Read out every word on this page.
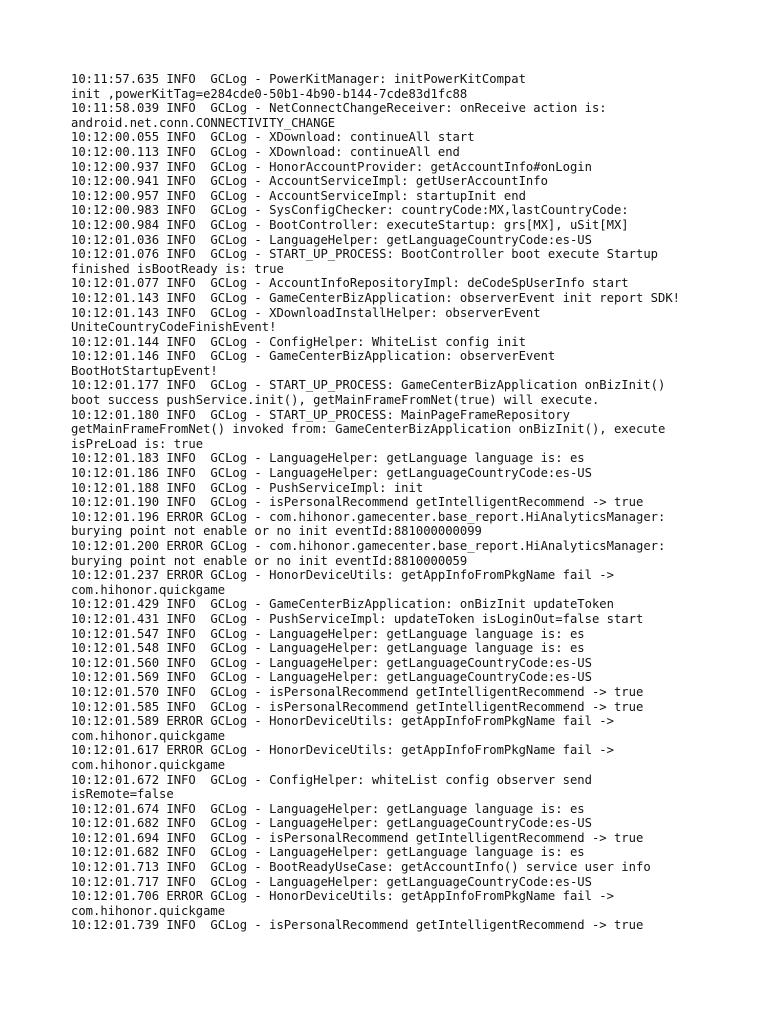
10:11:57.635 INFO  GCLog - PowerKitManager: initPowerKitCompat
init ,powerKitTag=e284cde0-50b1-4b90-b144-7cde83d1fc88
10:11:58.039 INFO  GCLog - NetConnectChangeReceiver: onReceive action is:
android.net.conn.CONNECTIVITY_CHANGE
10:12:00.055 INFO  GCLog - XDownload: continueAll start
10:12:00.113 INFO  GCLog - XDownload: continueAll end
10:12:00.937 INFO  GCLog - HonorAccountProvider: getAccountInfo#onLogin
10:12:00.941 INFO  GCLog - AccountServiceImpl: getUserAccountInfo
10:12:00.957 INFO  GCLog - AccountServiceImpl: startupInit end
10:12:00.983 INFO  GCLog - SysConfigChecker: countryCode:MX,lastCountryCode:
10:12:00.984 INFO  GCLog - BootController: executeStartup: grs[MX], uSit[MX]
10:12:01.036 INFO  GCLog - LanguageHelper: getLanguageCountryCode:es-US
10:12:01.076 INFO  GCLog - START_UP_PROCESS: BootController boot execute Startup
finished isBootReady is: true
10:12:01.077 INFO  GCLog - AccountInfoRepositoryImpl: deCodeSpUserInfo start
10:12:01.143 INFO  GCLog - GameCenterBizApplication: observerEvent init report SDK!
10:12:01.143 INFO  GCLog - XDownloadInstallHelper: observerEvent
UniteCountryCodeFinishEvent!
10:12:01.144 INFO  GCLog - ConfigHelper: WhiteList config init
10:12:01.146 INFO  GCLog - GameCenterBizApplication: observerEvent
BootHotStartupEvent!
10:12:01.177 INFO  GCLog - START_UP_PROCESS: GameCenterBizApplication onBizInit()
boot success pushService.init(), getMainFrameFromNet(true) will execute.
10:12:01.180 INFO  GCLog - START_UP_PROCESS: MainPageFrameRepository
getMainFrameFromNet() invoked from: GameCenterBizApplication onBizInit(), execute
isPreLoad is: true
10:12:01.183 INFO  GCLog - LanguageHelper: getLanguage language is: es
10:12:01.186 INFO  GCLog - LanguageHelper: getLanguageCountryCode:es-US
10:12:01.188 INFO  GCLog - PushServiceImpl: init
10:12:01.190 INFO  GCLog - isPersonalRecommend getIntelligentRecommend -> true
10:12:01.196 ERROR GCLog - com.hihonor.gamecenter.base_report.HiAnalyticsManager:
burying point not enable or no init eventId:881000000099
10:12:01.200 ERROR GCLog - com.hihonor.gamecenter.base_report.HiAnalyticsManager:
burying point not enable or no init eventId:8810000059
10:12:01.237 ERROR GCLog - HonorDeviceUtils: getAppInfoFromPkgName fail ->
com.hihonor.quickgame
10:12:01.429 INFO  GCLog - GameCenterBizApplication: onBizInit updateToken
10:12:01.431 INFO  GCLog - PushServiceImpl: updateToken isLoginOut=false start
10:12:01.547 INFO  GCLog - LanguageHelper: getLanguage language is: es
10:12:01.548 INFO  GCLog - LanguageHelper: getLanguage language is: es
10:12:01.560 INFO  GCLog - LanguageHelper: getLanguageCountryCode:es-US
10:12:01.569 INFO  GCLog - LanguageHelper: getLanguageCountryCode:es-US
10:12:01.570 INFO  GCLog - isPersonalRecommend getIntelligentRecommend -> true
10:12:01.585 INFO  GCLog - isPersonalRecommend getIntelligentRecommend -> true
10:12:01.589 ERROR GCLog - HonorDeviceUtils: getAppInfoFromPkgName fail ->
com.hihonor.quickgame
10:12:01.617 ERROR GCLog - HonorDeviceUtils: getAppInfoFromPkgName fail ->
com.hihonor.quickgame
10:12:01.672 INFO  GCLog - ConfigHelper: whiteList config observer send
isRemote=false
10:12:01.674 INFO  GCLog - LanguageHelper: getLanguage language is: es
10:12:01.682 INFO  GCLog - LanguageHelper: getLanguageCountryCode:es-US
10:12:01.694 INFO  GCLog - isPersonalRecommend getIntelligentRecommend -> true
10:12:01.682 INFO  GCLog - LanguageHelper: getLanguage language is: es
10:12:01.713 INFO  GCLog - BootReadyUseCase: getAccountInfo() service user info
10:12:01.717 INFO  GCLog - LanguageHelper: getLanguageCountryCode:es-US
10:12:01.706 ERROR GCLog - HonorDeviceUtils: getAppInfoFromPkgName fail ->
com.hihonor.quickgame
10:12:01.739 INFO  GCLog - isPersonalRecommend getIntelligentRecommend -> true
